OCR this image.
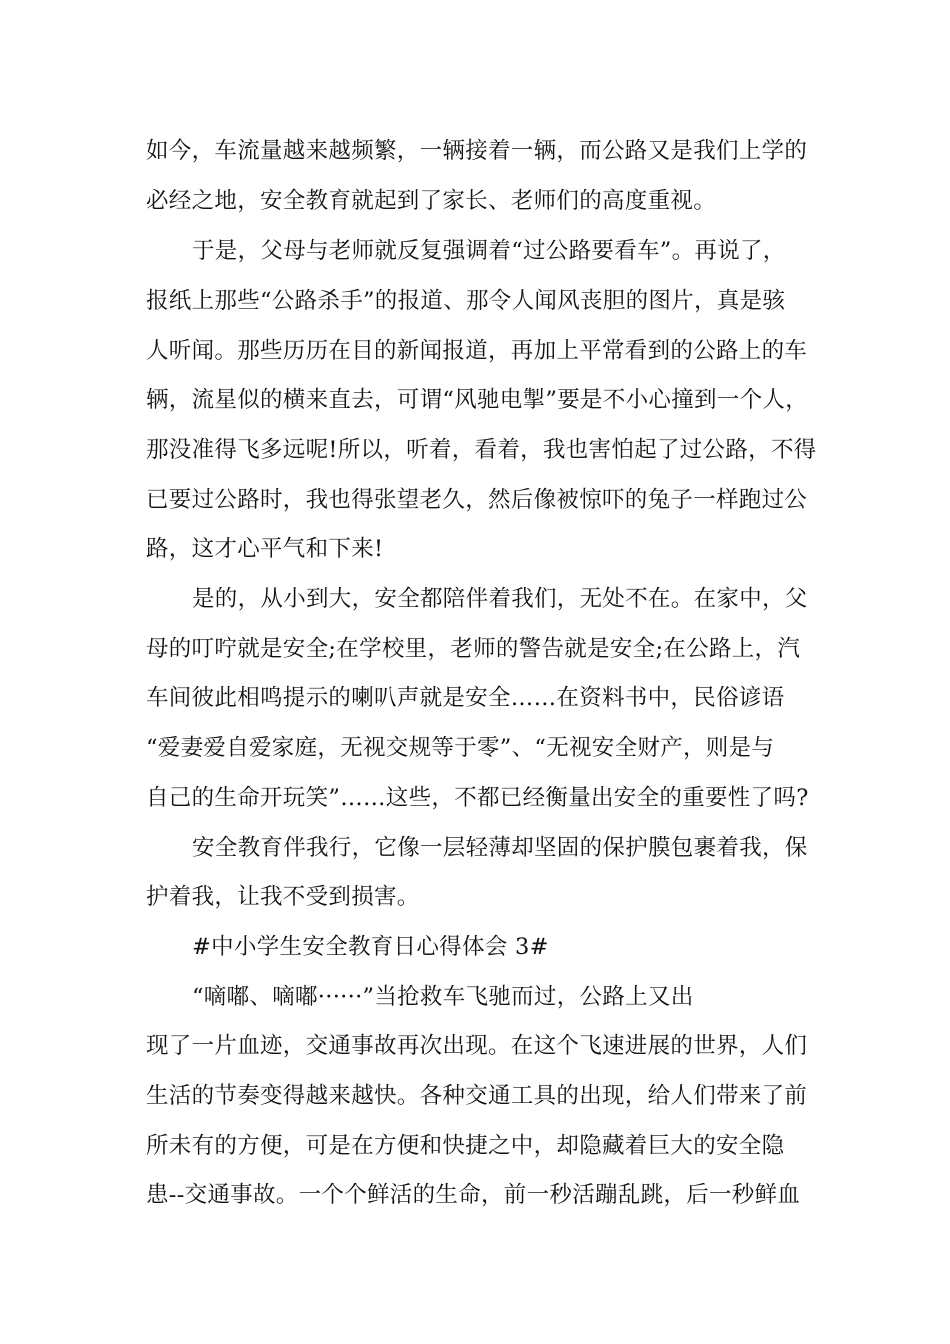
如今，车流量越来越频繁，一辆接着一辆，而公路又是我们上学的
必经之地，安全教育就起到了家长、老师们的高度重视。
于是，父母与老师就反复强调着“过公路要看车”。再说了，
报纸上那些“公路杀手”的报道、那令人闻风丧胆的图片，真是骇
人听闻。那些历历在目的新闻报道，再加上平常看到的公路上的车
辆，流星似的横来直去，可谓“风驰电掣”要是不小心撞到一个人，
那没准得飞多远呢!所以，听着，看着，我也害怕起了过公路，不得
已要过公路时，我也得张望老久，然后像被惊吓的兔子一样跑过公
路，这才心平气和下来!
是的，从小到大，安全都陪伴着我们，无处不在。在家中，父
母的叮咛就是安全;在学校里，老师的警告就是安全;在公路上，汽
车间彼此相鸣提示的喇叭声就是安全……在资料书中，民俗谚语
“爱妻爱自爱家庭，无视交规等于零”、“无视安全财产，则是与
自己的生命开玩笑”……这些，不都已经衡量出安全的重要性了吗?
安全教育伴我行，它像一层轻薄却坚固的保护膜包裹着我，保
护着我，让我不受到损害。
#中小学生安全教育日心得体会 3#
“嘀嘟、嘀嘟······”当抢救车飞驰而过，公路上又出
现了一片血迹，交通事故再次出现。在这个飞速进展的世界，人们
生活的节奏变得越来越快。各种交通工具的出现，给人们带来了前
所未有的方便，可是在方便和快捷之中，却隐藏着巨大的安全隐
患--交通事故。一个个鲜活的生命，前一秒活蹦乱跳，后一秒鲜血
